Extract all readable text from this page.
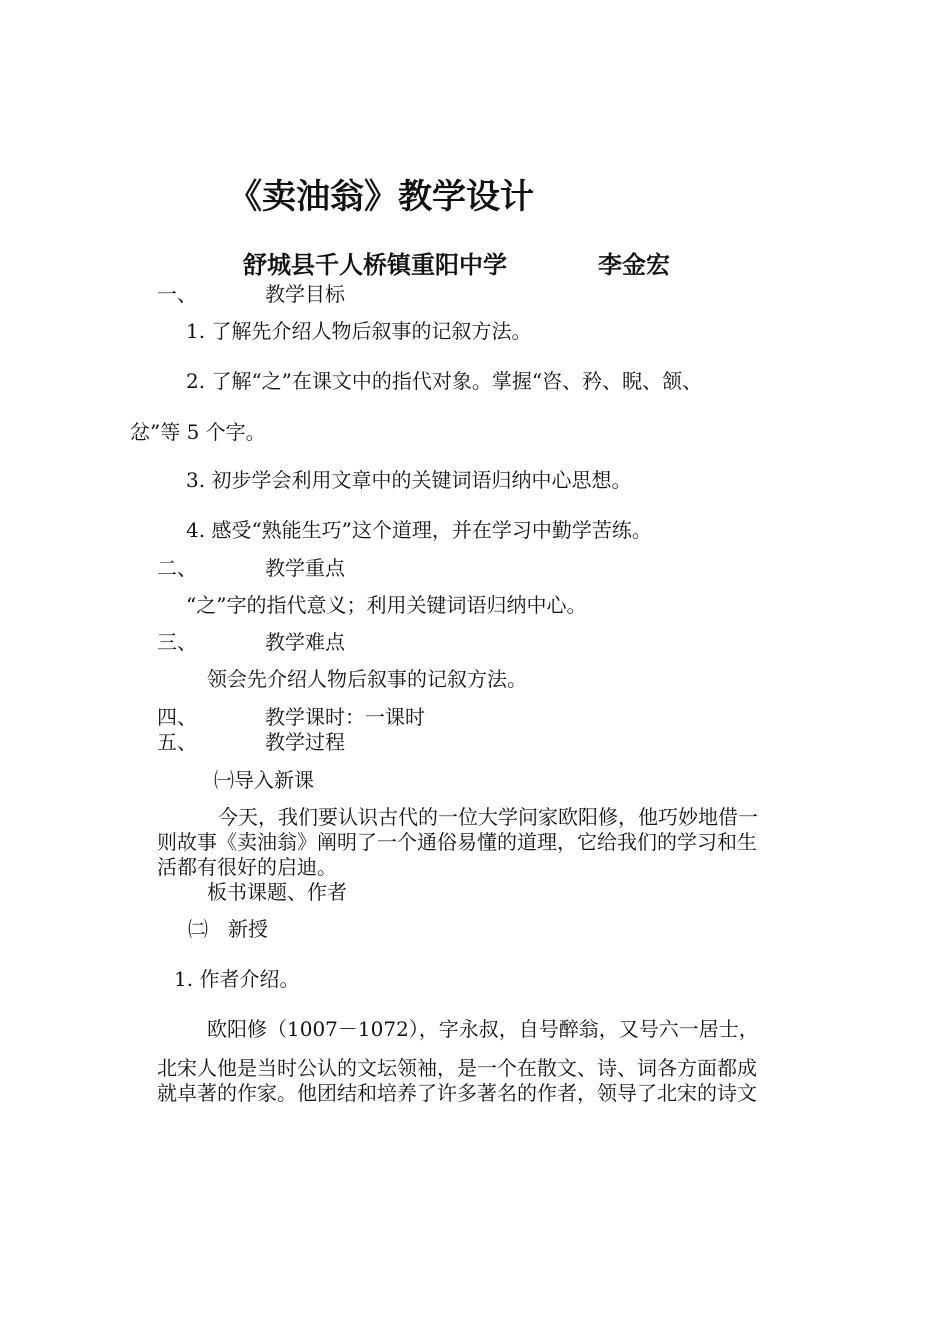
《卖油翁》教学设计
舒城县千人桥镇重阳中学	李金宏
一、	教学目标
1. 了解先介绍人物后叙事的记叙方法。
2. 了解“之”在课文中的指代对象。掌握“咨、矜、睨、颔、
忿”等 5 个字。
3. 初步学会利用文章中的关键词语归纳中心思想。
4. 感受“熟能生巧”这个道理，并在学习中勤学苦练。
二、	教学重点
“之”字的指代意义；利用关键词语归纳中心。
三、	教学难点
领会先介绍人物后叙事的记叙方法。
四、	教学课时：一课时
五、	教学过程
㈠导入新课
今天，我们要认识古代的一位大学问家欧阳修，他巧妙地借一
则故事《卖油翁》阐明了一个通俗易懂的道理，它给我们的学习和生
活都有很好的启迪。
板书课题、作者
㈡　新授
1. 作者介绍。
欧阳修（1007－1072），字永叔，自号醉翁，又号六一居士，
北宋人他是当时公认的文坛领袖，是一个在散文、诗、词各方面都成
就卓著的作家。他团结和培养了许多著名的作者，领导了北宋的诗文
